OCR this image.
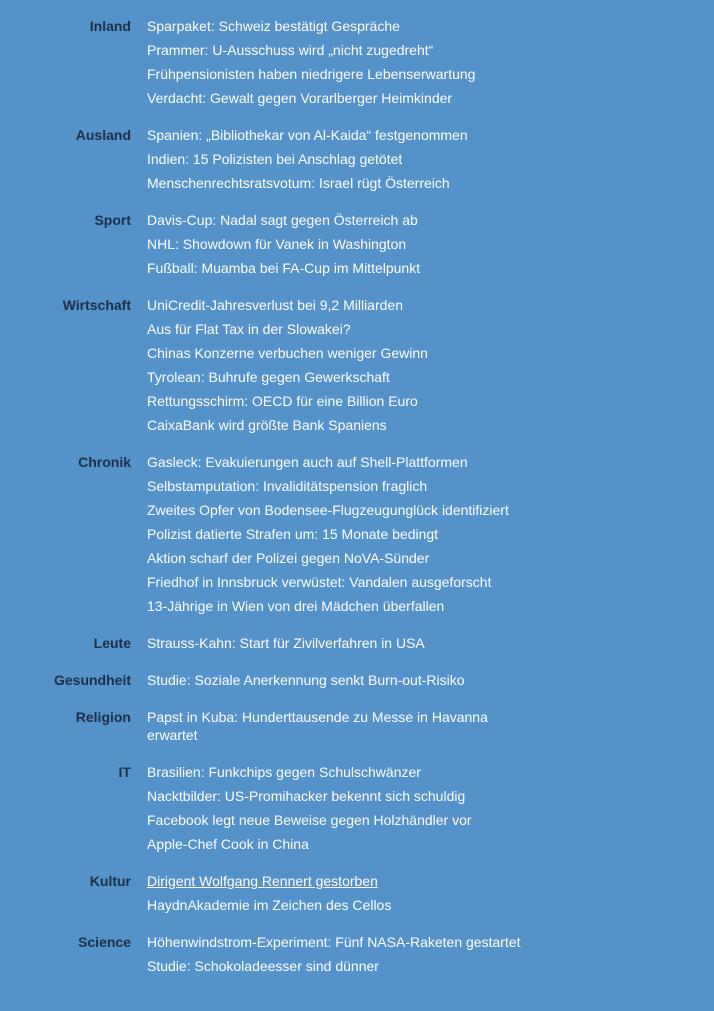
Inland Sparpaket: Schweiz bestätigt Gespräche
Prammer: U-Ausschuss wird „nicht zugedreht“
Frühpensionisten haben niedrigere Lebenserwartung
Verdacht: Gewalt gegen Vorarlberger Heimkinder
Ausland Spanien: „Bibliothekar von Al-Kaida“ festgenommen
Indien: 15 Polizisten bei Anschlag getötet
Menschenrechtsratsvotum: Israel rügt Österreich
Sport Davis-Cup: Nadal sagt gegen Österreich ab
NHL: Showdown für Vanek in Washington
Fußball: Muamba bei FA-Cup im Mittelpunkt
Wirtschaft UniCredit-Jahresverlust bei 9,2 Milliarden
Aus für Flat Tax in der Slowakei?
Chinas Konzerne verbuchen weniger Gewinn
Tyrolean: Buhrufe gegen Gewerkschaft
Rettungsschirm: OECD für eine Billion Euro
CaixaBank wird größte Bank Spaniens
Chronik Gasleck: Evakuierungen auch auf Shell-Plattformen
Selbstamputation: Invaliditätspension fraglich
Zweites Opfer von Bodensee-Flugzeugunglück identifiziert
Polizist datierte Strafen um: 15 Monate bedingt
Aktion scharf der Polizei gegen NoVA-Sünder
Friedhof in Innsbruck verwüstet: Vandalen ausgeforscht
13-Jährige in Wien von drei Mädchen überfallen
Leute Strauss-Kahn: Start für Zivilverfahren in USA
Gesundheit Studie: Soziale Anerkennung senkt Burn-out-Risiko
Religion Papst in Kuba: Hunderttausende zu Messe in Havanna erwartet
IT Brasilien: Funkchips gegen Schulschwänzer
Nacktbilder: US-Promihacker bekennt sich schuldig
Facebook legt neue Beweise gegen Holzhändler vor
Apple-Chef Cook in China
Kultur Dirigent Wolfgang Rennert gestorben
HaydnAkademie im Zeichen des Cellos
Science Höhenwindstrom-Experiment: Fünf NASA-Raketen gestartet
Studie: Schokoladeesser sind dünner
